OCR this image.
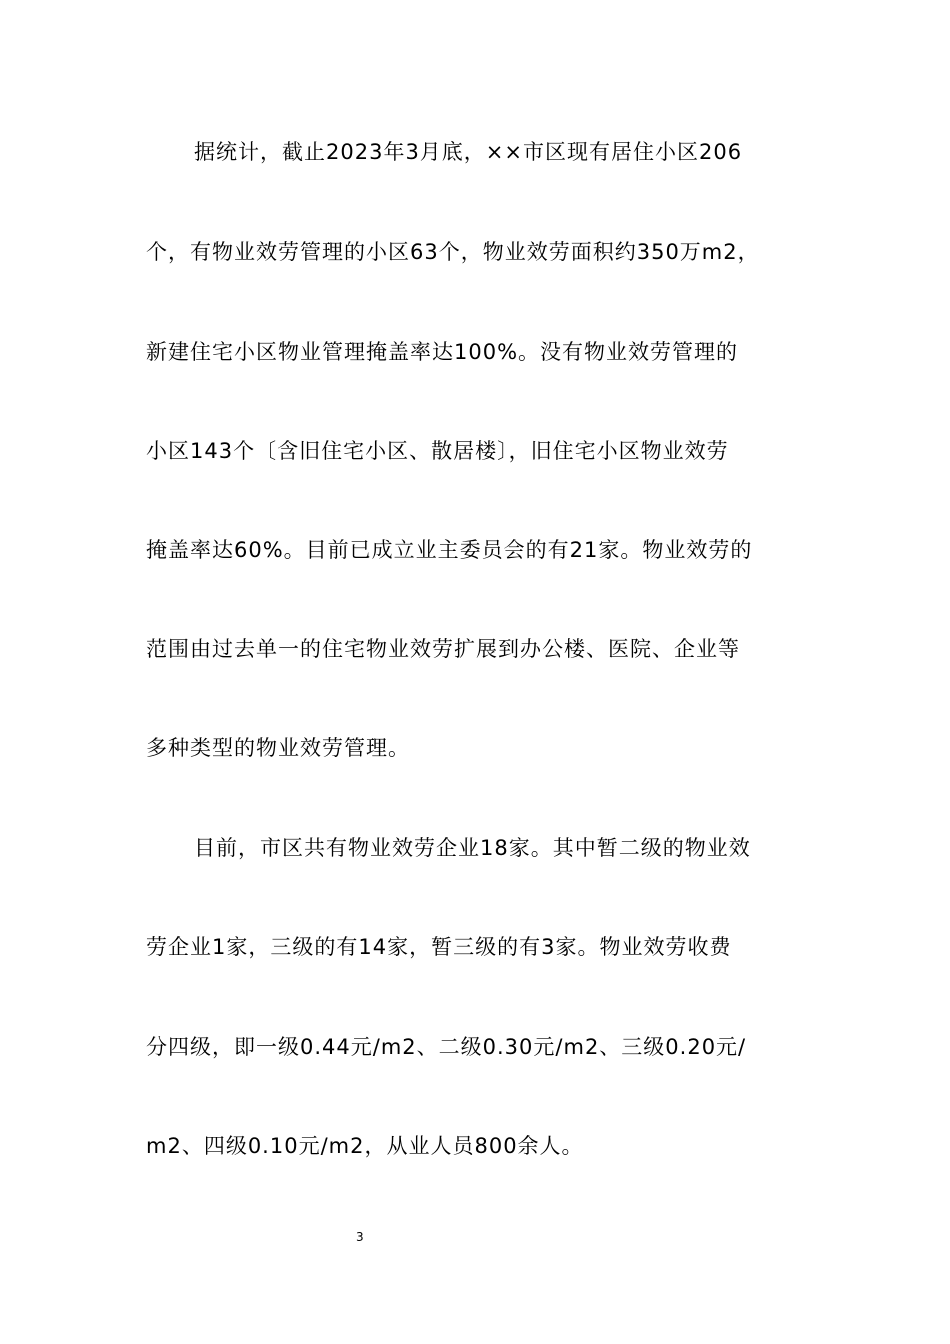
据统计，截止2023年3月底，××市区现有居住小区206
个，有物业效劳管理的小区63个，物业效劳面积约350万m2，
新建住宅小区物业管理掩盖率达100%。没有物业效劳管理的
小区143个〔含旧住宅小区、散居楼〕，旧住宅小区物业效劳
掩盖率达60%。目前已成立业主委员会的有21家。物业效劳的
范围由过去单一的住宅物业效劳扩展到办公楼、医院、企业等
多种类型的物业效劳管理。
目前，市区共有物业效劳企业18家。其中暂二级的物业效
劳企业1家，三级的有14家，暂三级的有3家。物业效劳收费
分四级，即一级0.44元/m2、二级0.30元/m2、三级0.20元/
m2、四级0.10元/m2，从业人员800余人。
3
